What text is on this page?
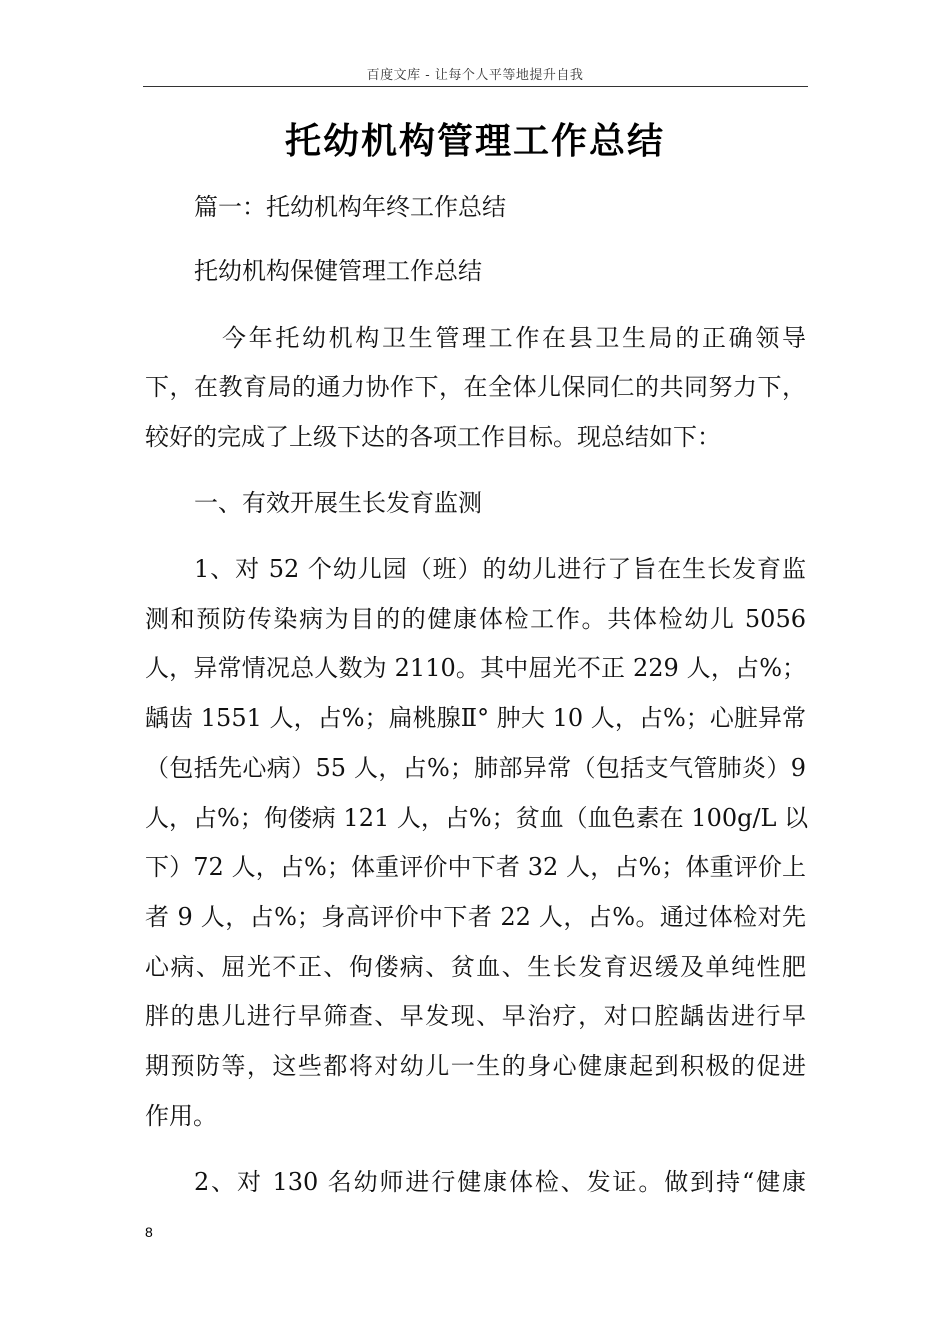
百度文库 - 让每个人平等地提升自我
托幼机构管理工作总结
篇一：托幼机构年终工作总结
托幼机构保健管理工作总结
今年托幼机构卫生管理工作在县卫生局的正确领导
下，在教育局的通力协作下，在全体儿保同仁的共同努力下，
较好的完成了上级下达的各项工作目标。现总结如下：
一、有效开展生长发育监测
1、对 52 个幼儿园（班）的幼儿进行了旨在生长发育监
测和预防传染病为目的的健康体检工作。共体检幼儿 5056
人，异常情况总人数为 2110。其中屈光不正 229 人，占%；
龋齿 1551 人，占%；扁桃腺Ⅱ° 肿大 10 人，占%；心脏异常
（包括先心病）55 人，占%；肺部异常（包括支气管肺炎）9
人，占%；佝偻病 121 人，占%；贫血（血色素在 100g/L 以
下）72 人，占%；体重评价中下者 32 人，占%；体重评价上
者 9 人，占%；身高评价中下者 22 人，占%。通过体检对先
心病、屈光不正、佝偻病、贫血、生长发育迟缓及单纯性肥
胖的患儿进行早筛查、早发现、早治疗，对口腔龋齿进行早
期预防等，这些都将对幼儿一生的身心健康起到积极的促进
作用。
2、对 130 名幼师进行健康体检、发证。做到持“健康
8
